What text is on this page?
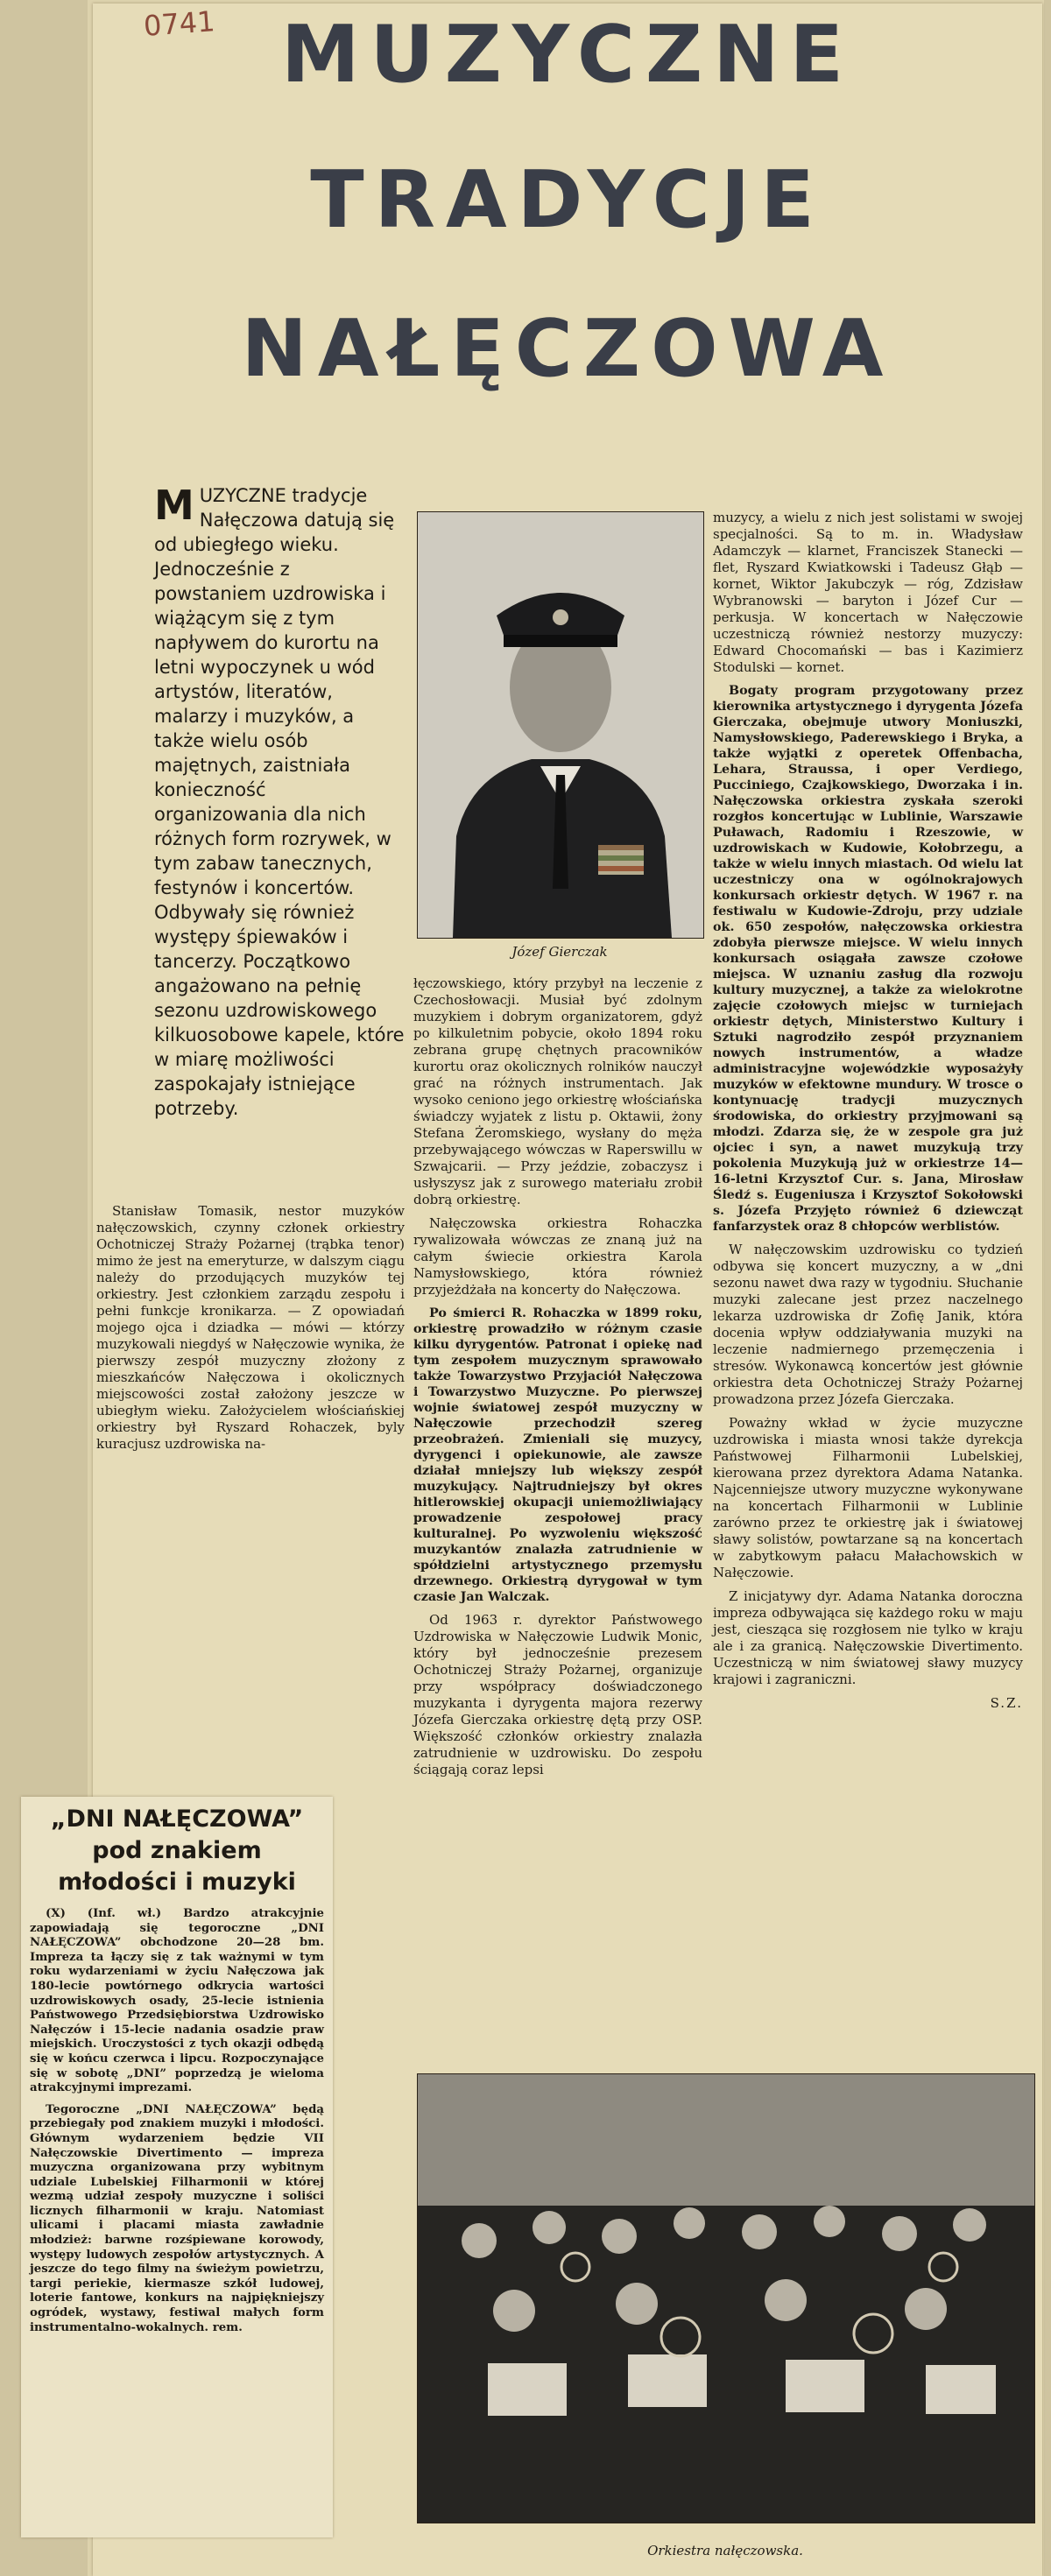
0741 MUZYCZNE
TRADYCJE
NAŁĘCZOWA
MUZYCZNE tradycje Nałęczowa datują się od ubiegłego wieku. Jednocześnie z powstaniem uzdrowiska i wiążącym się z tym napływem do kurortu na letni wypoczynek u wód artystów, literatów, malarzy i muzyków, a także wielu osób majętnych, zaistniała konieczność organizowania dla nich różnych form rozrywek, w tym zabaw tanecznych, festynów i koncertów. Odbywały się również występy śpiewaków i tancerzy. Początkowo angażowano na pełnię sezonu uzdrowiskowego kilkuosobowe kapele, które w miarę możliwości zaspokajały istniejące potrzeby.

Stanisław Tomasik, nestor muzyków nałęczowskich, czynny członek orkiestry Ochotniczej Straży Pożarnej (trąbka tenor) mimo że jest na emeryturze, w dalszym ciągu należy do przodujących muzyków tej orkiestry. Jest członkiem zarządu zespołu i pełni funkcje kronikarza. — Z opowiadań mojego ojca i dziadka — mówi — którzy muzykowali niegdyś w Nałęczowie wynika, że pierwszy zespół muzyczny złożony z mieszkańców Nałęczowa i okolicznych miejscowości został założony jeszcze w ubiegłym wieku. Założycielem włościańskiej orkiestry był Ryszard Rohaczek, byly kuracjusz uzdrowiska na-

Józef Gierczak

łęczowskiego, który przybył na leczenie z Czechosłowacji. Musiał być zdolnym muzykiem i dobrym organizatorem, gdyż po kilkuletnim pobycie, około 1894 roku zebrana grupę chętnych pracowników kurortu oraz okolicznych rolników nauczył grać na różnych instrumentach. Jak wysoko ceniono jego orkiestrę włościańska świadczy wyjatek z listu p. Oktawii, żony Stefana Żeromskiego, wysłany do męża przebywającego wówczas w Raperswillu w Szwajcarii. — Przy jeździe, zobaczysz i usłyszysz jak z surowego materiału zrobił dobrą orkiestrę.

Nałęczowska orkiestra Rohaczka rywalizowała wówczas ze znaną już na całym świecie orkiestra Karola Namysłowskiego, która również przyjeżdżała na koncerty do Nałęczowa.

Po śmierci R. Rohaczka w 1899 roku, orkiestrę prowadziło w różnym czasie kilku dyrygentów. Patronat i opiekę nad tym zespołem muzycznym sprawowało także Towarzystwo Przyjaciół Nałęczowa i Towarzystwo Muzyczne. Po pierwszej wojnie światowej zespół muzyczny w Nałęczowie przechodził szereg przeobrażeń. Zmieniali się muzycy, dyrygenci i opiekunowie, ale zawsze działał mniejszy lub większy zespół muzykujący. Najtrudniejszy był okres hitlerowskiej okupacji uniemożliwiający prowadzenie zespołowej pracy kulturalnej. Po wyzwoleniu większość muzykantów znalazła zatrudnienie w spółdzielni artystycznego przemysłu drzewnego. Orkiestrą dyrygował w tym czasie Jan Walczak.

Od 1963 r. dyrektor Państwowego Uzdrowiska w Nałęczowie Ludwik Monic, który był jednocześnie prezesem Ochotniczej Straży Pożarnej, organizuje przy współpracy doświadczonego muzykanta i dyrygenta majora rezerwy Józefa Gierczaka orkiestrę dętą przy OSP. Większość członków orkiestry znalazła zatrudnienie w uzdrowisku. Do zespołu ściągają coraz lepsi

muzycy, a wielu z nich jest solistami w swojej specjalności. Są to m. in. Władysław Adamczyk — klarnet, Franciszek Stanecki — flet, Ryszard Kwiatkowski i Tadeusz Głąb — kornet, Wiktor Jakubczyk — róg, Zdzisław Wybranowski — baryton i Józef Cur — perkusja. W koncertach w Nałęczowie uczestniczą również nestorzy muzyczy: Edward Chocomański — bas i Kazimierz Stodulski — kornet.

Bogaty program przygotowany przez kierownika artystycznego i dyrygenta Józefa Gierczaka, obejmuje utwory Moniuszki, Namysłowskiego, Paderewskiego i Bryka, a także wyjątki z operetek Offenbacha, Lehara, Straussa, i oper Verdiego, Pucciniego, Czajkowskiego, Dworzaka i in. Nałęczowska orkiestra zyskała szeroki rozgłos koncertując w Lublinie, Warszawie Puławach, Radomiu i Rzeszowie, w uzdrowiskach w Kudowie, Kołobrzegu, a także w wielu innych miastach. Od wielu lat uczestniczy ona w ogólnokrajowych konkursach orkiestr dętych. W 1967 r. na festiwalu w Kudowie-Zdroju, przy udziale ok. 650 zespołów, nałęczowska orkiestra zdobyła pierwsze miejsce. W wielu innych konkursach osiągała zawsze czołowe miejsca. W uznaniu zasług dla rozwoju kultury muzycznej, a także za wielokrotne zajęcie czołowych miejsc w turniejach orkiestr dętych, Ministerstwo Kultury i Sztuki nagrodziło zespół przyznaniem nowych instrumentów, a władze administracyjne wojewódzkie wyposażyły muzyków w efektowne mundury. W trosce o kontynuację tradycji muzycznych środowiska, do orkiestry przyjmowani są młodzi. Zdarza się, że w zespole gra już ojciec i syn, a nawet muzykują trzy pokolenia Muzykują już w orkiestrze 14—16-letni Krzysztof Cur. s. Jana, Mirosław Śledź s. Eugeniusza i Krzysztof Sokołowski s. Józefa Przyjęto również 6 dziewcząt fanfarzystek oraz 8 chłopców werblistów.

W nałęczowskim uzdrowisku co tydzień odbywa się koncert muzyczny, a w „dni sezonu nawet dwa razy w tygodniu. Słuchanie muzyki zalecane jest przez naczelnego lekarza uzdrowiska dr Zofię Janik, która docenia wpływ oddziaływania muzyki na leczenie nadmiernego przemęczenia i stresów. Wykonawcą koncertów jest głównie orkiestra deta Ochotniczej Straży Pożarnej prowadzona przez Józefa Gierczaka.

Poważny wkład w życie muzyczne uzdrowiska i miasta wnosi także dyrekcja Państwowej Filharmonii Lubelskiej, kierowana przez dyrektora Adama Natanka. Najcenniejsze utwory muzyczne wykonywane na koncertach Filharmonii w Lublinie zarówno przez te orkiestrę jak i światowej sławy solistów, powtarzane są na koncertach w zabytkowym pałacu Małachowskich w Nałęczowie.

Z inicjatywy dyr. Adama Natanka doroczna impreza odbywająca się każdego roku w maju jest, ciesząca się rozgłosem nie tylko w kraju ale i za granicą. Nałęczowskie Divertimento. Uczestniczą w nim światowej sławy muzycy krajowi i zagraniczni.

S.Z.
Orkiestra nałęczowska.
„DNI NAŁĘCZOWA”
pod znakiem
młodości i muzyki

(X) (Inf. wł.) Bardzo atrakcyjnie zapowiadają się tegoroczne „DNI NAŁĘCZOWA” obchodzone 20—28 bm. Impreza ta łączy się z tak ważnymi w tym roku wydarzeniami w życiu Nałęczowa jak 180-lecie powtórnego odkrycia wartości uzdrowiskowych osady, 25-lecie istnienia Państwowego Przedsiębiorstwa Uzdrowisko Nałęczów i 15-lecie nadania osadzie praw miejskich. Uroczystości z tych okazji odbędą się w końcu czerwca i lipcu. Rozpoczynające się w sobotę „DNI” poprzedzą je wieloma atrakcyjnymi imprezami.

Tegoroczne „DNI NAŁĘCZOWA” będą przebiegały pod znakiem muzyki i młodości. Głównym wydarzeniem będzie VII Nałęczowskie Divertimento — impreza muzyczna organizowana przy wybitnym udziale Lubelskiej Filharmonii w której wezmą udział zespoły muzyczne i soliści licznych filharmonii w kraju. Natomiast ulicami i placami miasta zawładnie młodzież: barwne rozśpiewane korowody, występy ludowych zespołów artystycznych. A jeszcze do tego filmy na świeżym powietrzu, targi periekie, kiermasze szkół ludowej, loterie fantowe, konkurs na najpiękniejszy ogródek, wystawy, festiwal małych form instrumentalno-wokalnych. rem.
